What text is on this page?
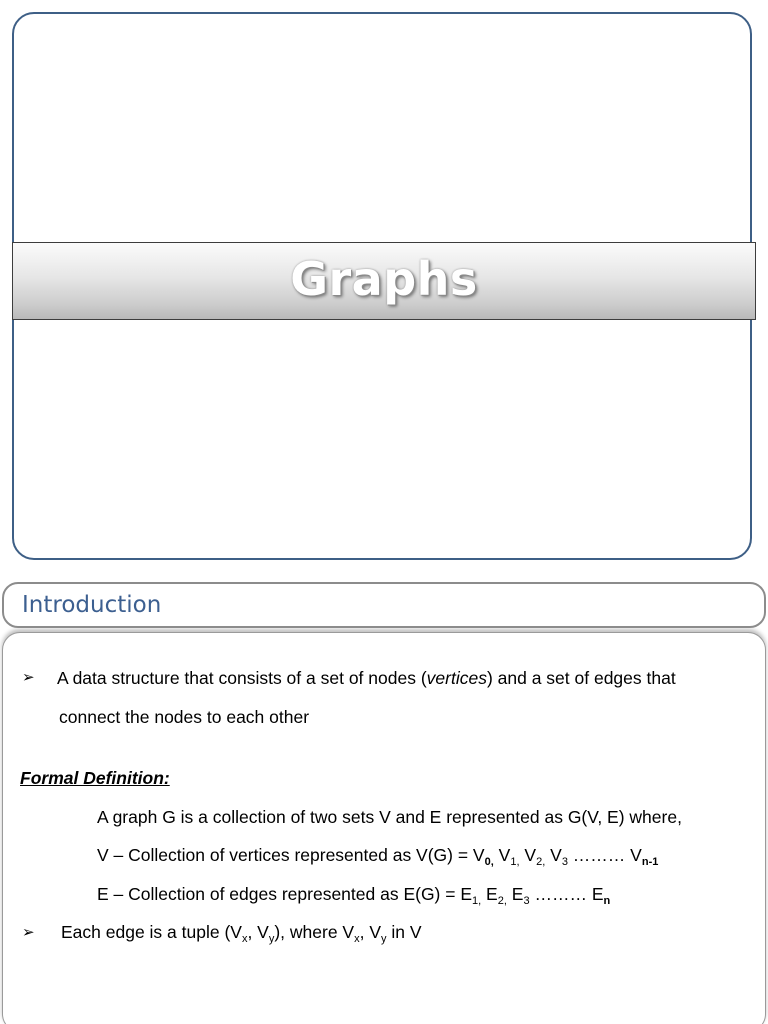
Graphs
Introduction
➢ A data structure that consists of a set of nodes (vertices) and a set of edges that
connect the nodes to each other
Formal Definition:
A graph G is a collection of two sets V and E represented as G(V, E) where,
V – Collection of vertices represented as $V(G) = V_{0,}$ $V_{1,}$ $V_{2,}$ $V_3$ ……… $V_{n-1}$
E – Collection of edges represented as $E(G) = E_{1,}$ $E_{2,}$ $E_3$ ……… $E_n$
➢ Each edge is a tuple ($V_x$, $V_y$), where $V_x$, $V_y$ in V
